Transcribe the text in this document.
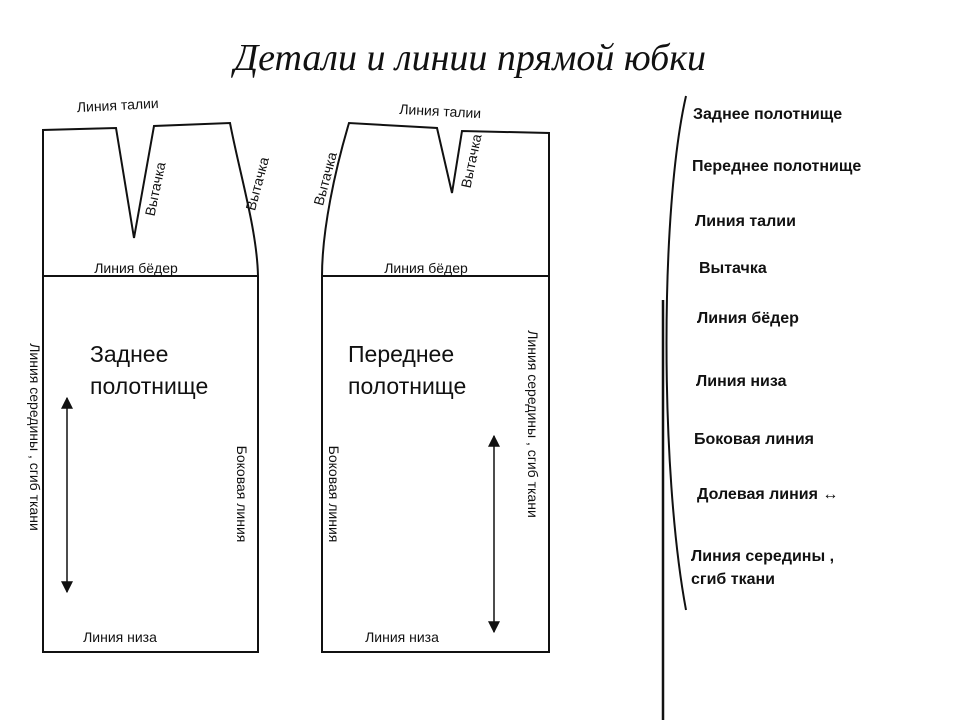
Детали и линии прямой юбки
Линия талии
Вытачка	Вытачка
Линия бёдер
Заднее
полотнище
Линия середины , сгиб ткани	Боковая линия
Линия низа
Линия талии
Вытачка	Вытачка
Линия бёдер
Переднее
полотнище
Боковая линия	Линия середины , сгиб ткани
Линия низа
Заднее полотнище
Переднее полотнище
Линия талии
Вытачка
Линия бёдер
Линия низа
Боковая линия
Долевая линия ↔
Линия середины ,
сгиб ткани
